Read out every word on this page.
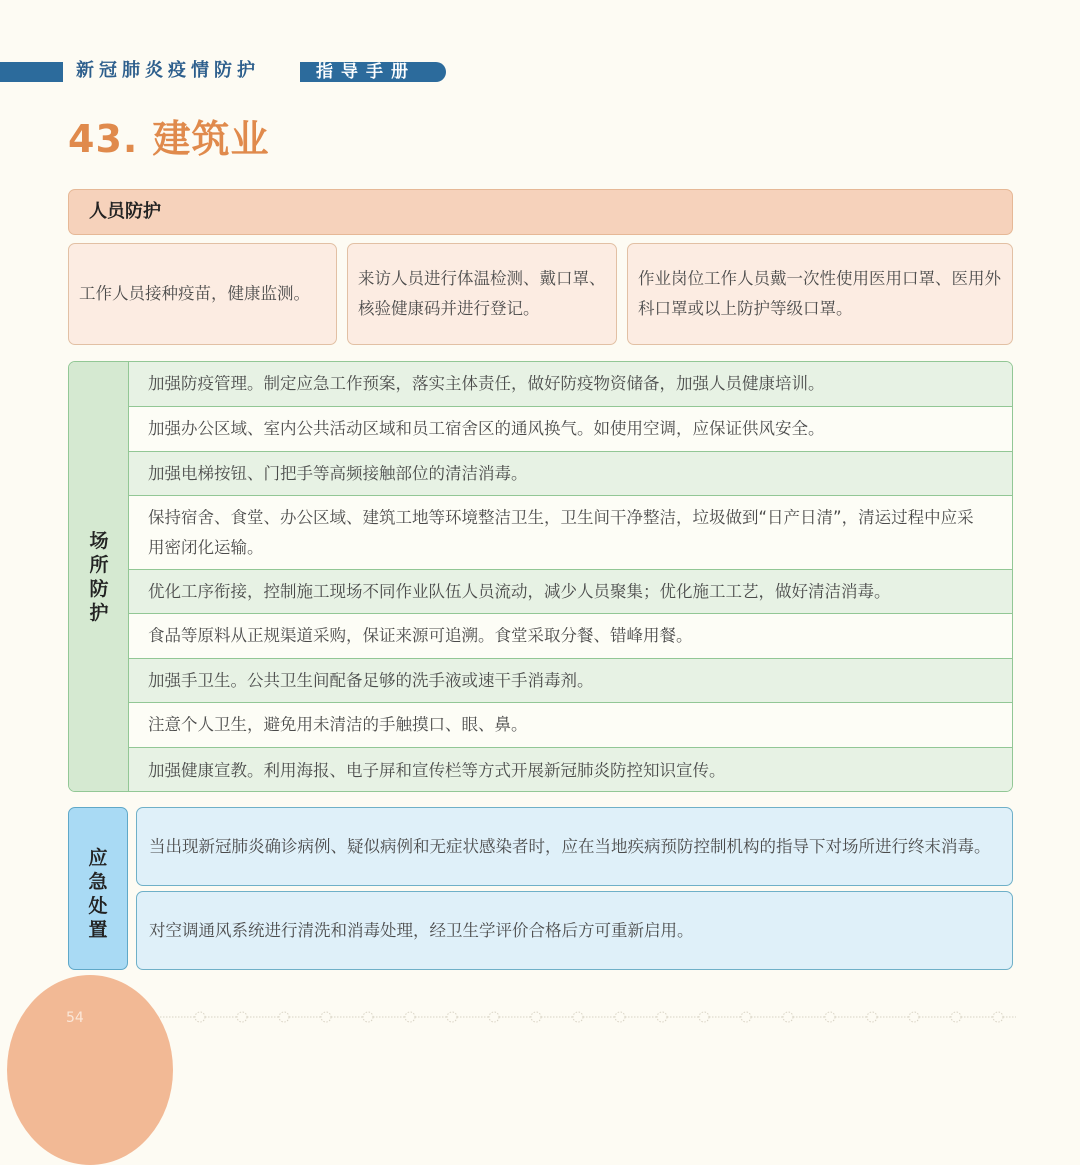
新冠肺炎疫情防护	指导手册
43. 建筑业
人员防护
工作人员接种疫苗，健康监测。
来访人员进行体温检测、戴口罩、核验健康码并进行登记。
作业岗位工作人员戴一次性使用医用口罩、医用外科口罩或以上防护等级口罩。
场
所
防
护
加强防疫管理。制定应急工作预案，落实主体责任，做好防疫物资储备，加强人员健康培训。
加强办公区域、室内公共活动区域和员工宿舍区的通风换气。如使用空调，应保证供风安全。
加强电梯按钮、门把手等高频接触部位的清洁消毒。
保持宿舍、食堂、办公区域、建筑工地等环境整洁卫生，卫生间干净整洁，垃圾做到“日产日清”，清运过程中应采用密闭化运输。
优化工序衔接，控制施工现场不同作业队伍人员流动，减少人员聚集；优化施工工艺，做好清洁消毒。
食品等原料从正规渠道采购，保证来源可追溯。食堂采取分餐、错峰用餐。
加强手卫生。公共卫生间配备足够的洗手液或速干手消毒剂。
注意个人卫生，避免用未清洁的手触摸口、眼、鼻。
加强健康宣教。利用海报、电子屏和宣传栏等方式开展新冠肺炎防控知识宣传。
应
急
处
置
当出现新冠肺炎确诊病例、疑似病例和无症状感染者时，应在当地疾病预防控制机构的指导下对场所进行终末消毒。
对空调通风系统进行清洗和消毒处理，经卫生学评价合格后方可重新启用。
54
